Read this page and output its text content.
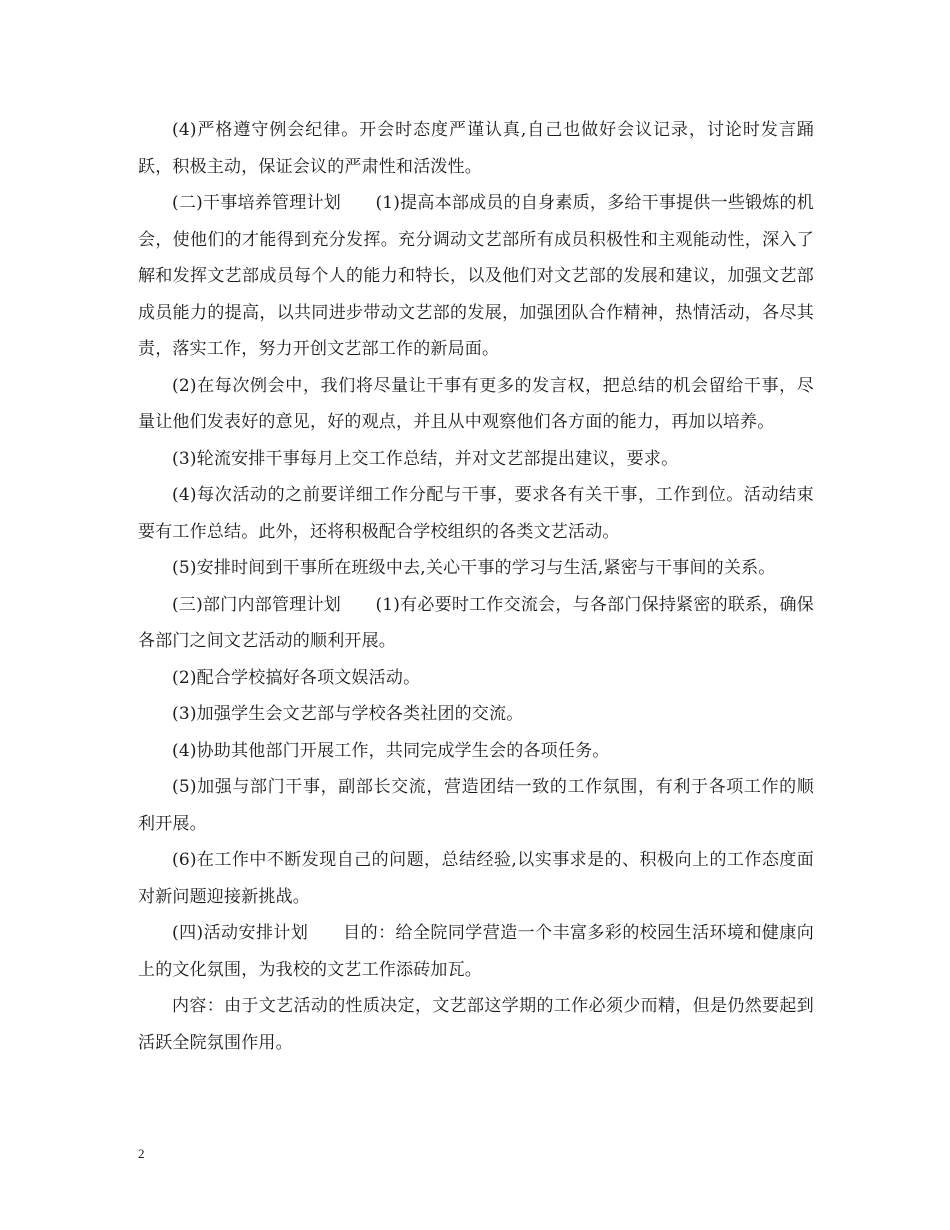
(4)严格遵守例会纪律。开会时态度严谨认真,自己也做好会议记录，讨论时发言踊跃，积极主动，保证会议的严肃性和活泼性。

(二)干事培养管理计划　　(1)提高本部成员的自身素质，多给干事提供一些锻炼的机会，使他们的才能得到充分发挥。充分调动文艺部所有成员积极性和主观能动性，深入了解和发挥文艺部成员每个人的能力和特长，以及他们对文艺部的发展和建议，加强文艺部成员能力的提高，以共同进步带动文艺部的发展，加强团队合作精神，热情活动，各尽其责，落实工作，努力开创文艺部工作的新局面。

(2)在每次例会中，我们将尽量让干事有更多的发言权，把总结的机会留给干事，尽量让他们发表好的意见，好的观点，并且从中观察他们各方面的能力，再加以培养。

(3)轮流安排干事每月上交工作总结，并对文艺部提出建议，要求。

(4)每次活动的之前要详细工作分配与干事，要求各有关干事，工作到位。活动结束要有工作总结。此外，还将积极配合学校组织的各类文艺活动。

(5)安排时间到干事所在班级中去,关心干事的学习与生活,紧密与干事间的关系。

(三)部门内部管理计划　　(1)有必要时工作交流会，与各部门保持紧密的联系，确保各部门之间文艺活动的顺利开展。

(2)配合学校搞好各项文娱活动。

(3)加强学生会文艺部与学校各类社团的交流。

(4)协助其他部门开展工作，共同完成学生会的各项任务。

(5)加强与部门干事，副部长交流，营造团结一致的工作氛围，有利于各项工作的顺利开展。

(6)在工作中不断发现自己的问题，总结经验,以实事求是的、积极向上的工作态度面对新问题迎接新挑战。

(四)活动安排计划　　目的：给全院同学营造一个丰富多彩的校园生活环境和健康向上的文化氛围，为我校的文艺工作添砖加瓦。

内容：由于文艺活动的性质决定，文艺部这学期的工作必须少而精，但是仍然要起到活跃全院氛围作用。

2
